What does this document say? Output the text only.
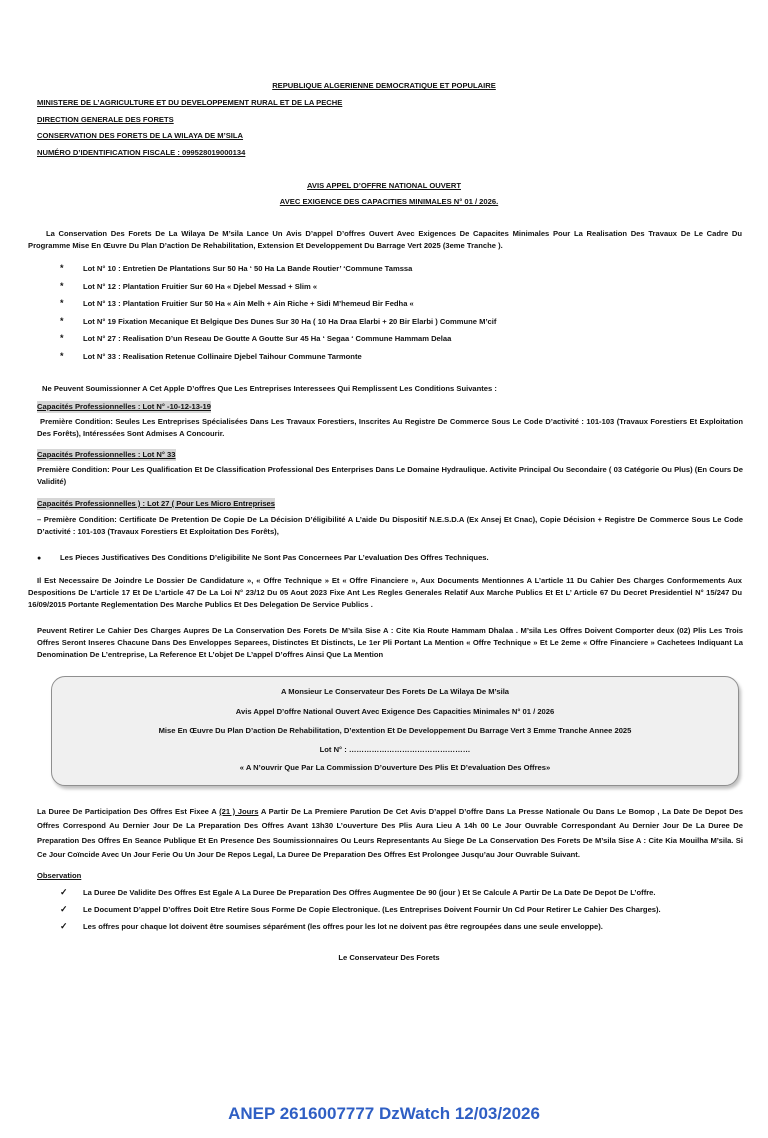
REPUBLIQUE ALGERIENNE DEMOCRATIQUE ET POPULAIRE
MINISTERE DE L’AGRICULTURE ET DU DEVELOPPEMENT RURAL ET DE LA PECHE
DIRECTION GENERALE DES FORETS
CONSERVATION DES FORETS DE LA WILAYA DE M’SILA
NUMÉRO D’IDENTIFICATION FISCALE : 099528019000134
AVIS APPEL D’OFFRE NATIONAL OUVERT
AVEC EXIGENCE DES CAPACITIES MINIMALES N° 01 / 2026.
La Conservation Des Forets De La Wilaya De M’sila Lance Un Avis D’appel D’offres Ouvert Avec Exigences De Capacites Minimales Pour La Realisation Des Travaux De Le Cadre Du Programme Mise En Œuvre Du Plan D’action De Rehabilitation, Extension Et Developpement Du Barrage Vert 2025 (3eme Tranche ).
*	Lot N° 10 : Entretien De Plantations Sur 50 Ha ‘ 50 Ha La Bande Routier’ ‘Commune Tamssa
*	Lot N° 12 : Plantation Fruitier Sur 60 Ha « Djebel Messad + Slim «
*	Lot N° 13 : Plantation Fruitier Sur 50 Ha « Ain Melh + Ain Riche + Sidi M’hemeud Bir Fedha «
*	Lot N° 19 Fixation Mecanique Et Belgique Des Dunes Sur 30 Ha ( 10 Ha Draa Elarbi + 20 Bir Elarbi ) Commune M’cif
*	Lot N° 27 : Realisation D’un Reseau De Goutte A Goutte Sur 45 Ha ‘ Segaa ‘ Commune Hammam Delaa
*	Lot N° 33 : Realisation Retenue Collinaire Djebel Taihour Commune Tarmonte
Ne Peuvent Soumissionner A Cet Apple D’offres Que Les Entreprises Interessees Qui Remplissent Les Conditions Suivantes :
Capacités Professionnelles : Lot N° -10-12-13-19
Première Condition: Seules Les Entreprises Spécialisées Dans Les Travaux Forestiers, Inscrites Au Registre De Commerce Sous Le Code D’activité : 101-103 (Travaux Forestiers Et Exploitation Des Forêts), Intéressées Sont Admises A Concourir.
Capacités Professionnelles : Lot N° 33
Première Condition: Pour Les Qualification Et De Classification Professional Des Enterprises Dans Le Domaine Hydraulique. Activite Principal Ou Secondaire ( 03 Catégorie Ou Plus) (En Cours De Validité)
Capacités Professionnelles ) : Lot 27 ( Pour Les Micro Entreprises
– Première Condition: Certificate De Pretention De Copie De La Décision D’éligibilité A L’aide Du Dispositif N.E.S.D.A (Ex Ansej Et Cnac), Copie Décision + Registre De Commerce Sous Le Code D’activité : 101-103 (Travaux Forestiers Et Exploitation Des Forêts),
● Les Pieces Justificatives Des Conditions D’eligibilite Ne Sont Pas Concernees Par L’evaluation Des Offres Techniques.
Il Est Necessaire De Joindre Le Dossier De Candidature », « Offre Technique » Et « Offre Financiere », Aux Documents Mentionnes A L’article 11 Du Cahier Des Charges Conformements Aux Despositions De L’article 17 Et De L’article 47 De La Loi N° 23/12 Du 05 Aout 2023 Fixe Ant Les Regles Generales Relatif Aux Marche Publics Et Et L’ Article 67 Du Decret Presidentiel N° 15/247 Du 16/09/2015 Portante Reglementation Des Marche Publics Et Des Delegation De Service Publics .
Peuvent Retirer Le Cahier Des Charges Aupres De La Conservation Des Forets De M’sila Sise A : Cite Kia Route Hammam Dhalaa . M’sila Les Offres Doivent Comporter deux (02) Plis Les Trois Offres Seront Inseres Chacune Dans Des Enveloppes Separees, Distinctes Et Distincts, Le 1er Pli Portant La Mention « Offre Technique » Et Le 2eme « Offre Financiere » Cachetees Indiquant La Denomination De L’entreprise, La Reference Et L’objet De L’appel D’offres Ainsi Que La Mention
A Monsieur Le Conservateur Des Forets De La Wilaya De M’sila
Avis Appel D’offre National Ouvert Avec Exigence Des Capacities Minimales N° 01 / 2026
Mise En Œuvre Du Plan D’action De Rehabilitation, D’extention Et De Developpement Du Barrage Vert 3 Emme Tranche Annee 2025
Lot N° : …………………………………………
« A N’ouvrir Que Par La Commission D’ouverture Des Plis Et D’evaluation Des Offres»
La Duree De Participation Des Offres Est Fixee A (21 ) Jours A Partir De La Premiere Parution De Cet Avis D’appel D’offre Dans La Presse Nationale Ou Dans Le Bomop , La Date De Depot Des Offres Correspond Au Dernier Jour De La Preparation Des Offres Avant 13h30 L’ouverture Des Plis Aura Lieu A 14h 00 Le Jour Ouvrable Correspondant Au Dernier Jour De La Duree De Preparation Des Offres En Seance Publique Et En Presence Des Soumissionnaires Ou Leurs Representants Au Siege De La Conservation Des Forets De M’sila Sise A : Cite Kia Mouilha M’sila. Si Ce Jour Coïncide Avec Un Jour Ferie Ou Un Jour De Repos Legal, La Duree De Preparation Des Offres Est Prolongee Jusqu’au Jour Ouvrable Suivant.
Observation
✓ La Duree De Validite Des Offres Est Egale A La Duree De Preparation Des Offres Augmentee De 90 (jour ) Et Se Calcule A Partir De La Date De Depot De L’offre.
✓ Le Document D’appel D’offres Doit Etre Retire Sous Forme De Copie Electronique. (Les Entreprises Doivent Fournir Un Cd Pour Retirer Le Cahier Des Charges).
✓ Les offres pour chaque lot doivent être soumises séparément (les offres pour les lot ne doivent pas être regroupées dans une seule enveloppe).
Le Conservateur Des Forets
ANEP 2616007777 DzWatch 12/03/2026
